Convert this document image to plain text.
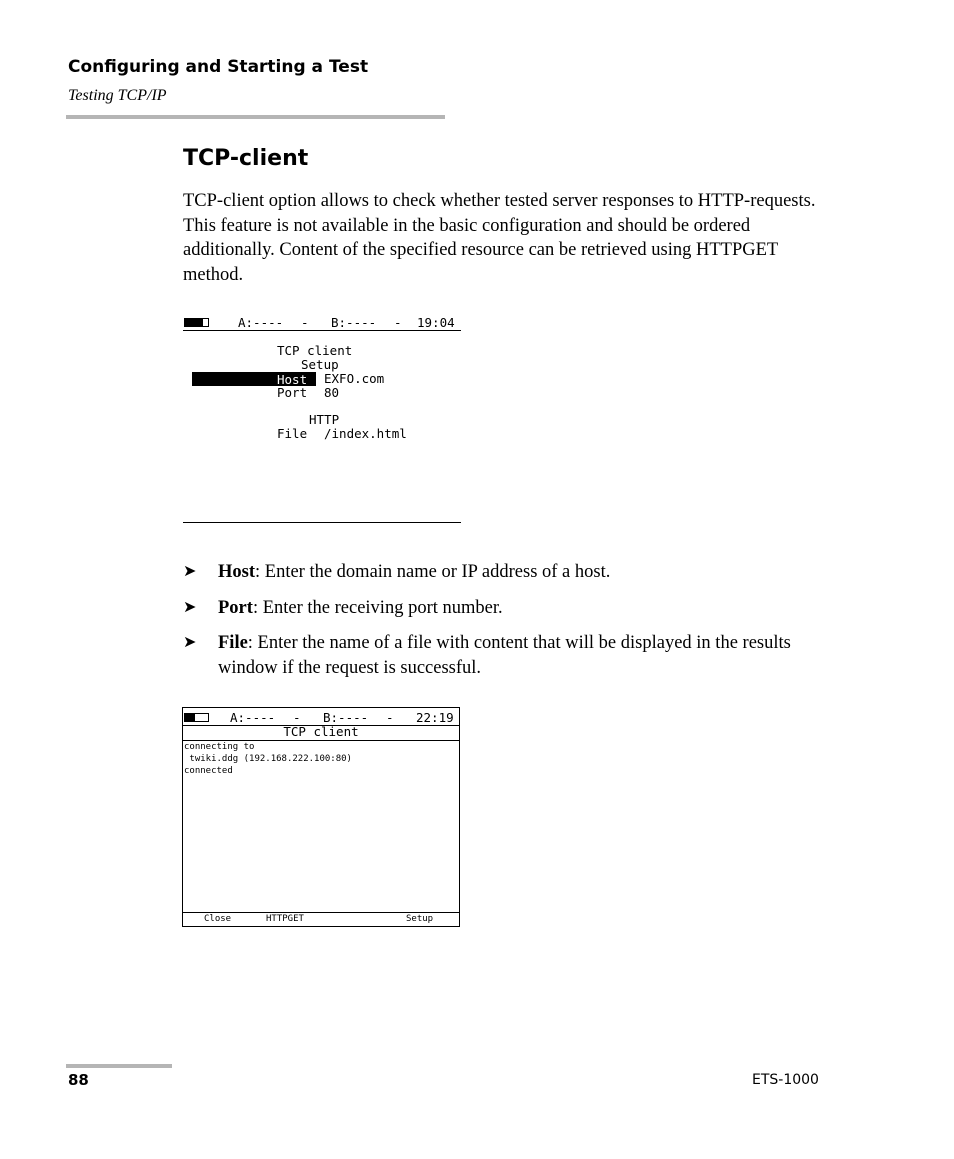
Configuring and Starting a Test
Testing TCP/IP
TCP-client

TCP-client option allows to check whether tested server responses to HTTP-requests. This feature is not available in the basic configuration and should be ordered additionally. Content of the specified resource can be retrieved using HTTPGET method.

A:---- - B:---- - 19:04
TCP client
Setup
Host EXFO.com
Port 80
HTTP
File /index.html
➤ Host: Enter the domain name or IP address of a host.
➤ Port: Enter the receiving port number.
➤ File: Enter the name of a file with content that will be displayed in the results window if the request is successful.
A:---- - B:---- - 22:19
TCP client
connecting to
twiki.ddg (192.168.222.100:80)
connected
Close	HTTPGET	Setup
88	ETS-1000
